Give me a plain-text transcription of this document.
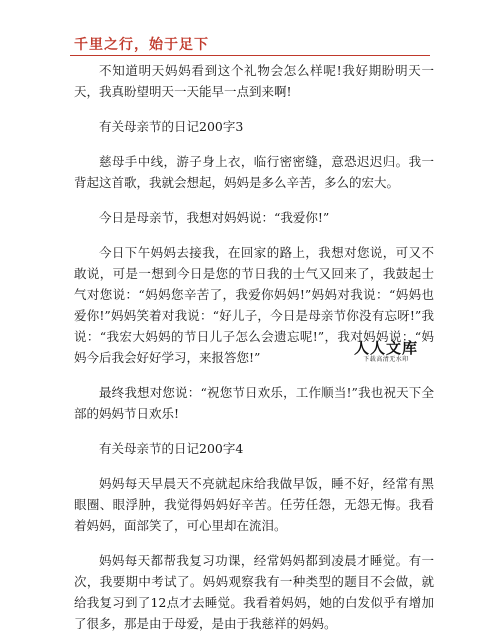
千里之行，始于足下

不知道明天妈妈看到这个礼物会怎么样呢!我好期盼明天一天，我真盼望明天一天能早一点到来啊!

有关母亲节的日记200字3

慈母手中线，游子身上衣，临行密密缝，意恐迟迟归。我一背起这首歌，我就会想起，妈妈是多么辛苦，多么的宏大。

今日是母亲节，我想对妈妈说：“我爱你!”

今日下午妈妈去接我，在回家的路上，我想对您说，可又不敢说，可是一想到今日是您的节日我的士气又回来了，我鼓起士气对您说：“妈妈您辛苦了，我爱你妈妈!”妈妈对我说：“妈妈也爱你!”妈妈笑着对我说：“好儿子，今日是母亲节你没有忘呀!”我说：“我宏大妈妈的节日儿子怎么会遗忘呢!”，我对妈妈说：“妈妈今后我会好好学习，来报答您!”

最终我想对您说：“祝您节日欢乐，工作顺当!”我也祝天下全部的妈妈节日欢乐!

有关母亲节的日记200字4

妈妈每天早晨天不亮就起床给我做早饭，睡不好，经常有黑眼圈、眼浮肿，我觉得妈妈好辛苦。任劳任怨，无怨无悔。我看着妈妈，面部笑了，可心里却在流泪。

妈妈每天都帮我复习功课，经常妈妈都到凌晨才睡觉。有一次，我要期中考试了。妈妈观察我有一种类型的题目不会做，就给我复习到了12点才去睡觉。我看着妈妈，她的白发似乎有增加了很多，那是由于母爱，是由于我慈祥的妈妈。

人人文库
下载高清无水印
